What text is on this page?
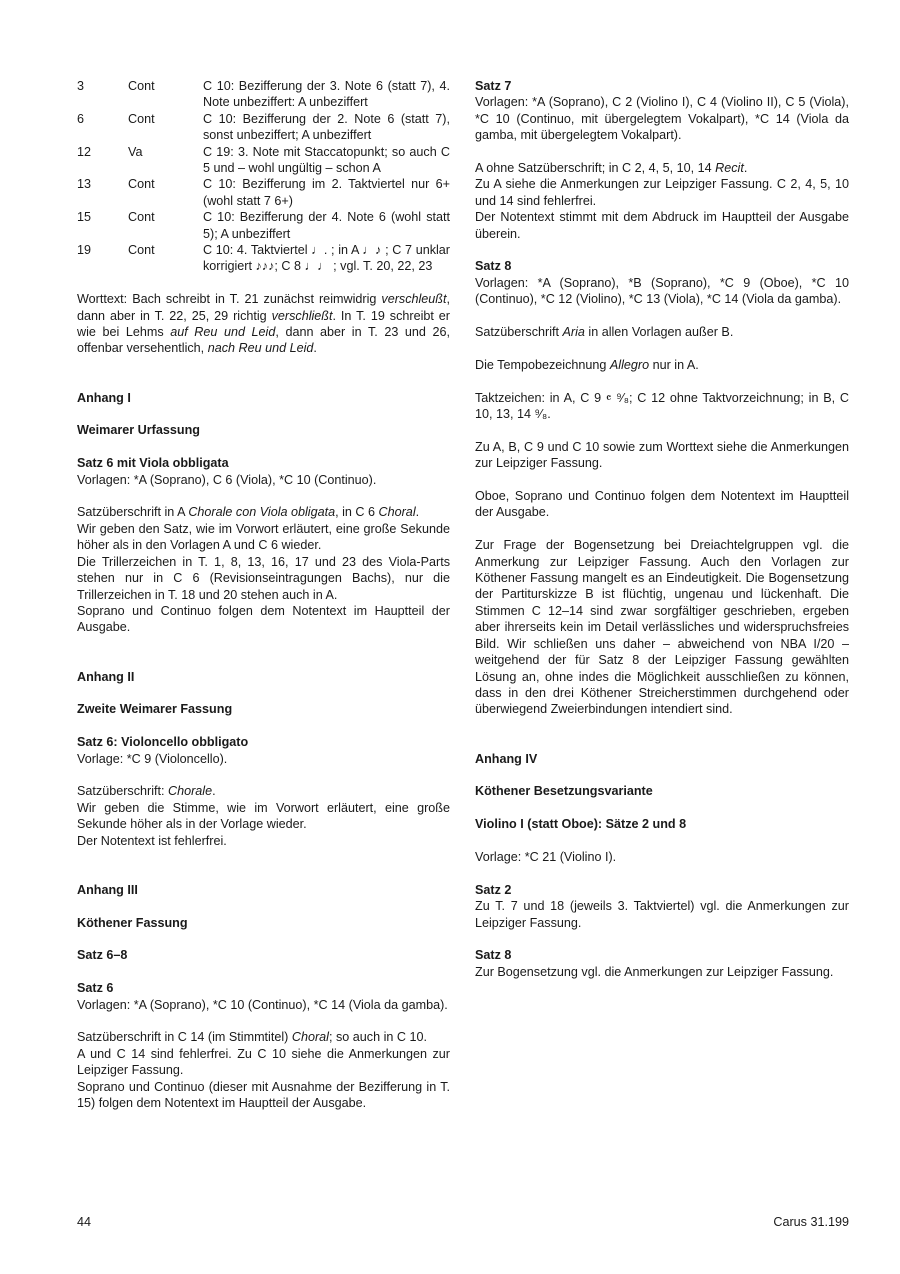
3	Cont	C 10: Bezifferung der 3. Note 6 (statt 7), 4. Note unbeziffert: A unbeziffert
6	Cont	C 10: Bezifferung der 2. Note 6 (statt 7), sonst unbeziffert; A unbeziffert
12	Va	C 19: 3. Note mit Staccatopunkt; so auch C 5 und – wohl ungültig – schon A
13	Cont	C 10: Bezifferung im 2. Taktviertel nur 6+ (wohl statt 7 6+)
15	Cont	C 10: Bezifferung der 4. Note 6 (wohl statt 5); A unbeziffert
19	Cont	C 10: 4. Taktviertel ♩. ; in A ♩♪ ; C 7 unklar korrigiert ♪♪♪; C 8 ♩♩ ; vgl. T. 20, 22, 23

Worttext: Bach schreibt in T. 21 zunächst reimwidrig verschleußt, dann aber in T. 22, 25, 29 richtig verschließt. In T. 19 schreibt er wie bei Lehms auf Reu und Leid, dann aber in T. 23 und 26, offenbar versehentlich, nach Reu und Leid.

Anhang I

Weimarer Urfassung

Satz 6 mit Viola obbligata

Vorlagen: *A (Soprano), C 6 (Viola), *C 10 (Continuo).

Satzüberschrift in A Chorale con Viola obligata, in C 6 Choral.

Wir geben den Satz, wie im Vorwort erläutert, eine große Sekunde höher als in den Vorlagen A und C 6 wieder.

Die Trillerzeichen in T. 1, 8, 13, 16, 17 und 23 des Viola-Parts stehen nur in C 6 (Revisionseintragungen Bachs), nur die Trillerzeichen in T. 18 und 20 stehen auch in A.

Soprano und Continuo folgen dem Notentext im Hauptteil der Ausgabe.

Anhang II

Zweite Weimarer Fassung

Satz 6: Violoncello obbligato

Vorlage: *C 9 (Violoncello).

Satzüberschrift: Chorale.

Wir geben die Stimme, wie im Vorwort erläutert, eine große Sekunde höher als in der Vorlage wieder.

Der Notentext ist fehlerfrei.

Anhang III

Köthener Fassung

Satz 6–8

Satz 6

Vorlagen: *A (Soprano), *C 10 (Continuo), *C 14 (Viola da gamba).

Satzüberschrift in C 14 (im Stimmtitel) Choral; so auch in C 10.

A und C 14 sind fehlerfrei. Zu C 10 siehe die Anmerkungen zur Leipziger Fassung.

Soprano und Continuo (dieser mit Ausnahme der Bezifferung in T. 15) folgen dem Notentext im Hauptteil der Ausgabe.

Satz 7

Vorlagen: *A (Soprano), C 2 (Violino I), C 4 (Violino II), C 5 (Viola), *C 10 (Continuo, mit übergelegtem Vokalpart), *C 14 (Viola da gamba, mit übergelegtem Vokalpart).

A ohne Satzüberschrift; in C 2, 4, 5, 10, 14 Recit.

Zu A siehe die Anmerkungen zur Leipziger Fassung. C 2, 4, 5, 10 und 14 sind fehlerfrei.

Der Notentext stimmt mit dem Abdruck im Hauptteil der Ausgabe überein.

Satz 8

Vorlagen: *A (Soprano), *B (Soprano), *C 9 (Oboe), *C 10 (Continuo), *C 12 (Violino), *C 13 (Viola), *C 14 (Viola da gamba).

Satzüberschrift Aria in allen Vorlagen außer B.

Die Tempobezeichnung Allegro nur in A.

Taktzeichen: in A, C 9 𝄴 ⁹⁄₈; C 12 ohne Taktvorzeichnung; in B, C 10, 13, 14 ⁹⁄₈.

Zu A, B, C 9 und C 10 sowie zum Worttext siehe die Anmerkungen zur Leipziger Fassung.

Oboe, Soprano und Continuo folgen dem Notentext im Hauptteil der Ausgabe.

Zur Frage der Bogensetzung bei Dreiachtelgruppen vgl. die Anmerkung zur Leipziger Fassung. Auch den Vorlagen zur Köthener Fassung mangelt es an Eindeutigkeit. Die Bogensetzung der Partiturskizze B ist flüchtig, ungenau und lückenhaft. Die Stimmen C 12–14 sind zwar sorgfältiger geschrieben, ergeben aber ihrerseits kein im Detail verlässliches und widerspruchsfreies Bild. Wir schließen uns daher – abweichend von NBA I/20 – weitgehend der für Satz 8 der Leipziger Fassung gewählten Lösung an, ohne indes die Möglichkeit ausschließen zu können, dass in den drei Köthener Streicherstimmen durchgehend oder überwiegend Zweierbindungen intendiert sind.

Anhang IV

Köthener Besetzungsvariante

Violino I (statt Oboe): Sätze 2 und 8

Vorlage: *C 21 (Violino I).

Satz 2

Zu T. 7 und 18 (jeweils 3. Taktviertel) vgl. die Anmerkungen zur Leipziger Fassung.

Satz 8

Zur Bogensetzung vgl. die Anmerkungen zur Leipziger Fassung.

44	Carus 31.199
